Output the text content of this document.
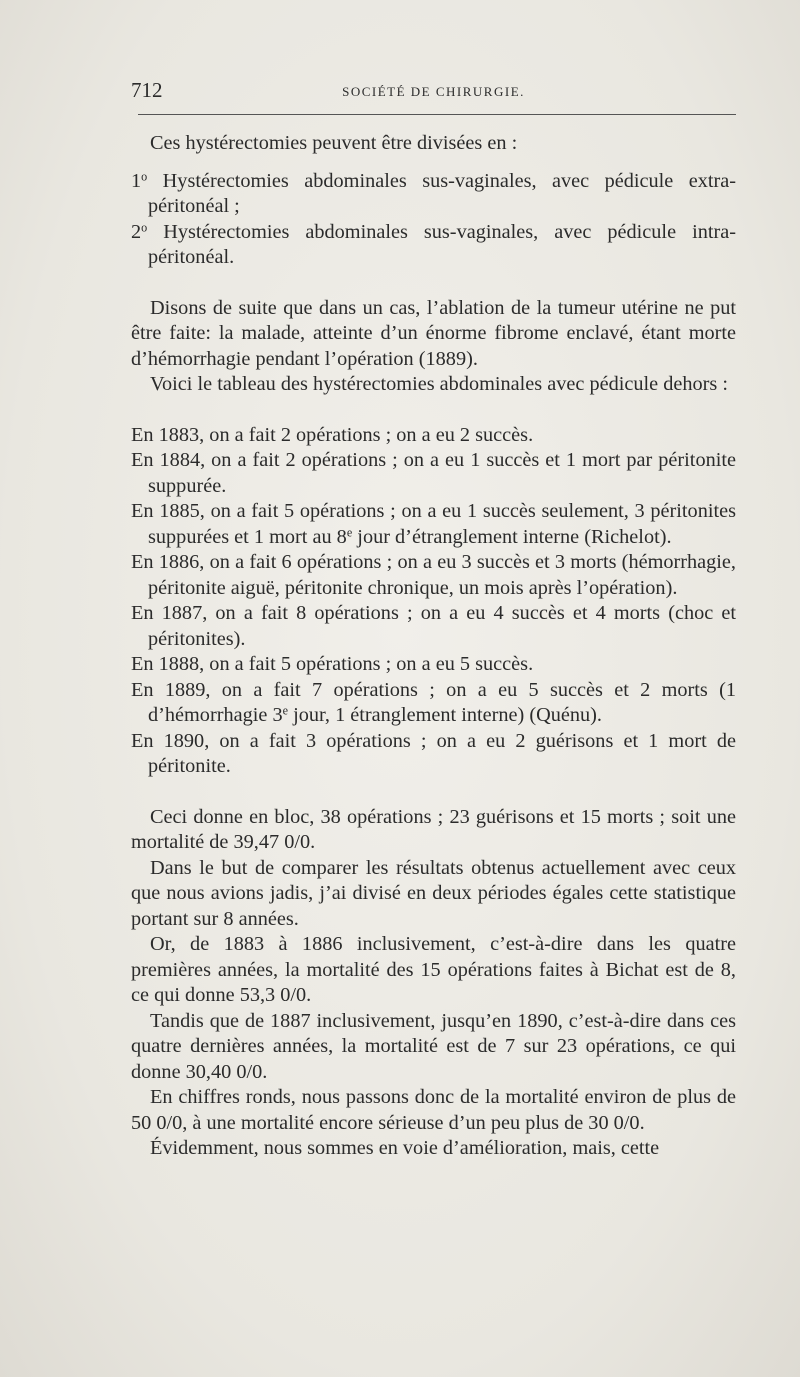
712	SOCIÉTÉ DE CHIRURGIE.

Ces hystérectomies peuvent être divisées en :

1$^o$ Hystérectomies abdominales sus-vaginales, avec pédicule extra-péritonéal ;

2$^o$ Hystérectomies abdominales sus-vaginales, avec pédicule intra-péritonéal.

Disons de suite que dans un cas, l’ablation de la tumeur utérine ne put être faite: la malade, atteinte d’un énorme fibrome enclavé, étant morte d’hémorrhagie pendant l’opération (1889).

Voici le tableau des hystérectomies abdominales avec pédicule dehors :

En 1883, on a fait 2 opérations ; on a eu 2 succès.

En 1884, on a fait 2 opérations ; on a eu 1 succès et 1 mort par péritonite suppurée.

En 1885, on a fait 5 opérations ; on a eu 1 succès seulement, 3 péritonites suppurées et 1 mort au 8e jour d’étranglement interne (Richelot).

En 1886, on a fait 6 opérations ; on a eu 3 succès et 3 morts (hémorrhagie, péritonite aiguë, péritonite chronique, un mois après l’opération).

En 1887, on a fait 8 opérations ; on a eu 4 succès et 4 morts (choc et péritonites).

En 1888, on a fait 5 opérations ; on a eu 5 succès.

En 1889, on a fait 7 opérations ; on a eu 5 succès et 2 morts (1 d’hémorrhagie 3e jour, 1 étranglement interne) (Quénu).

En 1890, on a fait 3 opérations ; on a eu 2 guérisons et 1 mort de péritonite.

Ceci donne en bloc, 38 opérations ; 23 guérisons et 15 morts ; soit une mortalité de 39,47 0/0.

Dans le but de comparer les résultats obtenus actuellement avec ceux que nous avions jadis, j’ai divisé en deux périodes égales cette statistique portant sur 8 années.

Or, de 1883 à 1886 inclusivement, c’est-à-dire dans les quatre premières années, la mortalité des 15 opérations faites à Bichat est de 8, ce qui donne 53,3 0/0.

Tandis que de 1887 inclusivement, jusqu’en 1890, c’est-à-dire dans ces quatre dernières années, la mortalité est de 7 sur 23 opérations, ce qui donne 30,40 0/0.

En chiffres ronds, nous passons donc de la mortalité environ de plus de 50 0/0, à une mortalité encore sérieuse d’un peu plus de 30 0/0.

Évidemment, nous sommes en voie d’amélioration, mais, cette
